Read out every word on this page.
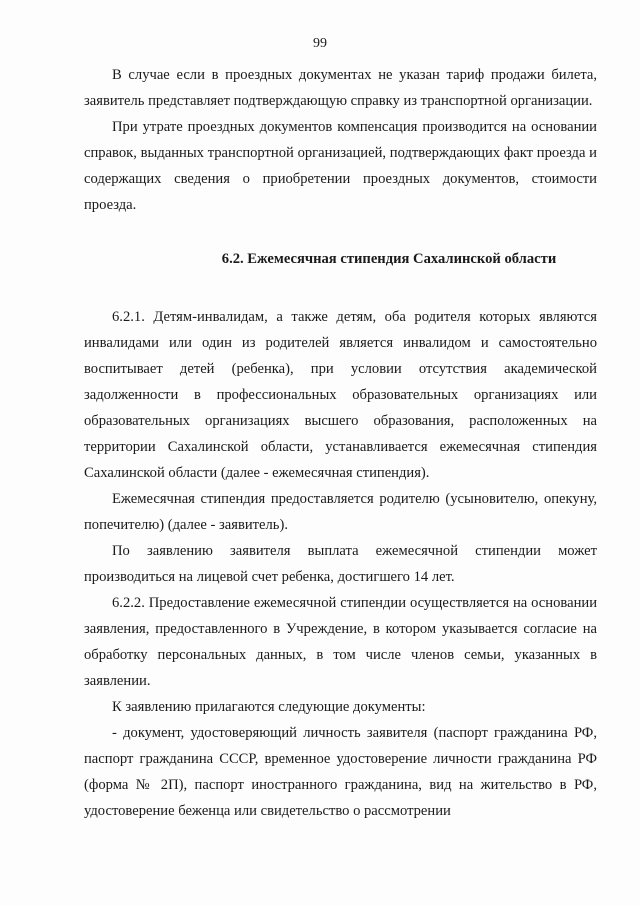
99

В случае если в проездных документах не указан тариф продажи билета, заявитель представляет подтверждающую справку из транспортной организации.

При утрате проездных документов компенсация производится на основании справок, выданных транспортной организацией, подтверждающих факт проезда и содержащих сведения о приобретении проездных документов, стоимости проезда.

6.2. Ежемесячная стипендия Сахалинской области

6.2.1. Детям-инвалидам, а также детям, оба родителя которых являются инвалидами или один из родителей является инвалидом и самостоятельно воспитывает детей (ребенка), при условии отсутствия академической задолженности в профессиональных образовательных организациях или образовательных организациях высшего образования, расположенных на территории Сахалинской области, устанавливается ежемесячная стипендия Сахалинской области (далее - ежемесячная стипендия).

Ежемесячная стипендия предоставляется родителю (усыновителю, опекуну, попечителю) (далее - заявитель).

По заявлению заявителя выплата ежемесячной стипендии может производиться на лицевой счет ребенка, достигшего 14 лет.

6.2.2. Предоставление ежемесячной стипендии осуществляется на основании заявления, предоставленного в Учреждение, в котором указывается согласие на обработку персональных данных, в том числе членов семьи, указанных в заявлении.

К заявлению прилагаются следующие документы:

- документ, удостоверяющий личность заявителя (паспорт гражданина РФ, паспорт гражданина СССР, временное удостоверение личности гражданина РФ (форма № 2П), паспорт иностранного гражданина, вид на жительство в РФ, удостоверение беженца или свидетельство о рассмотрении
